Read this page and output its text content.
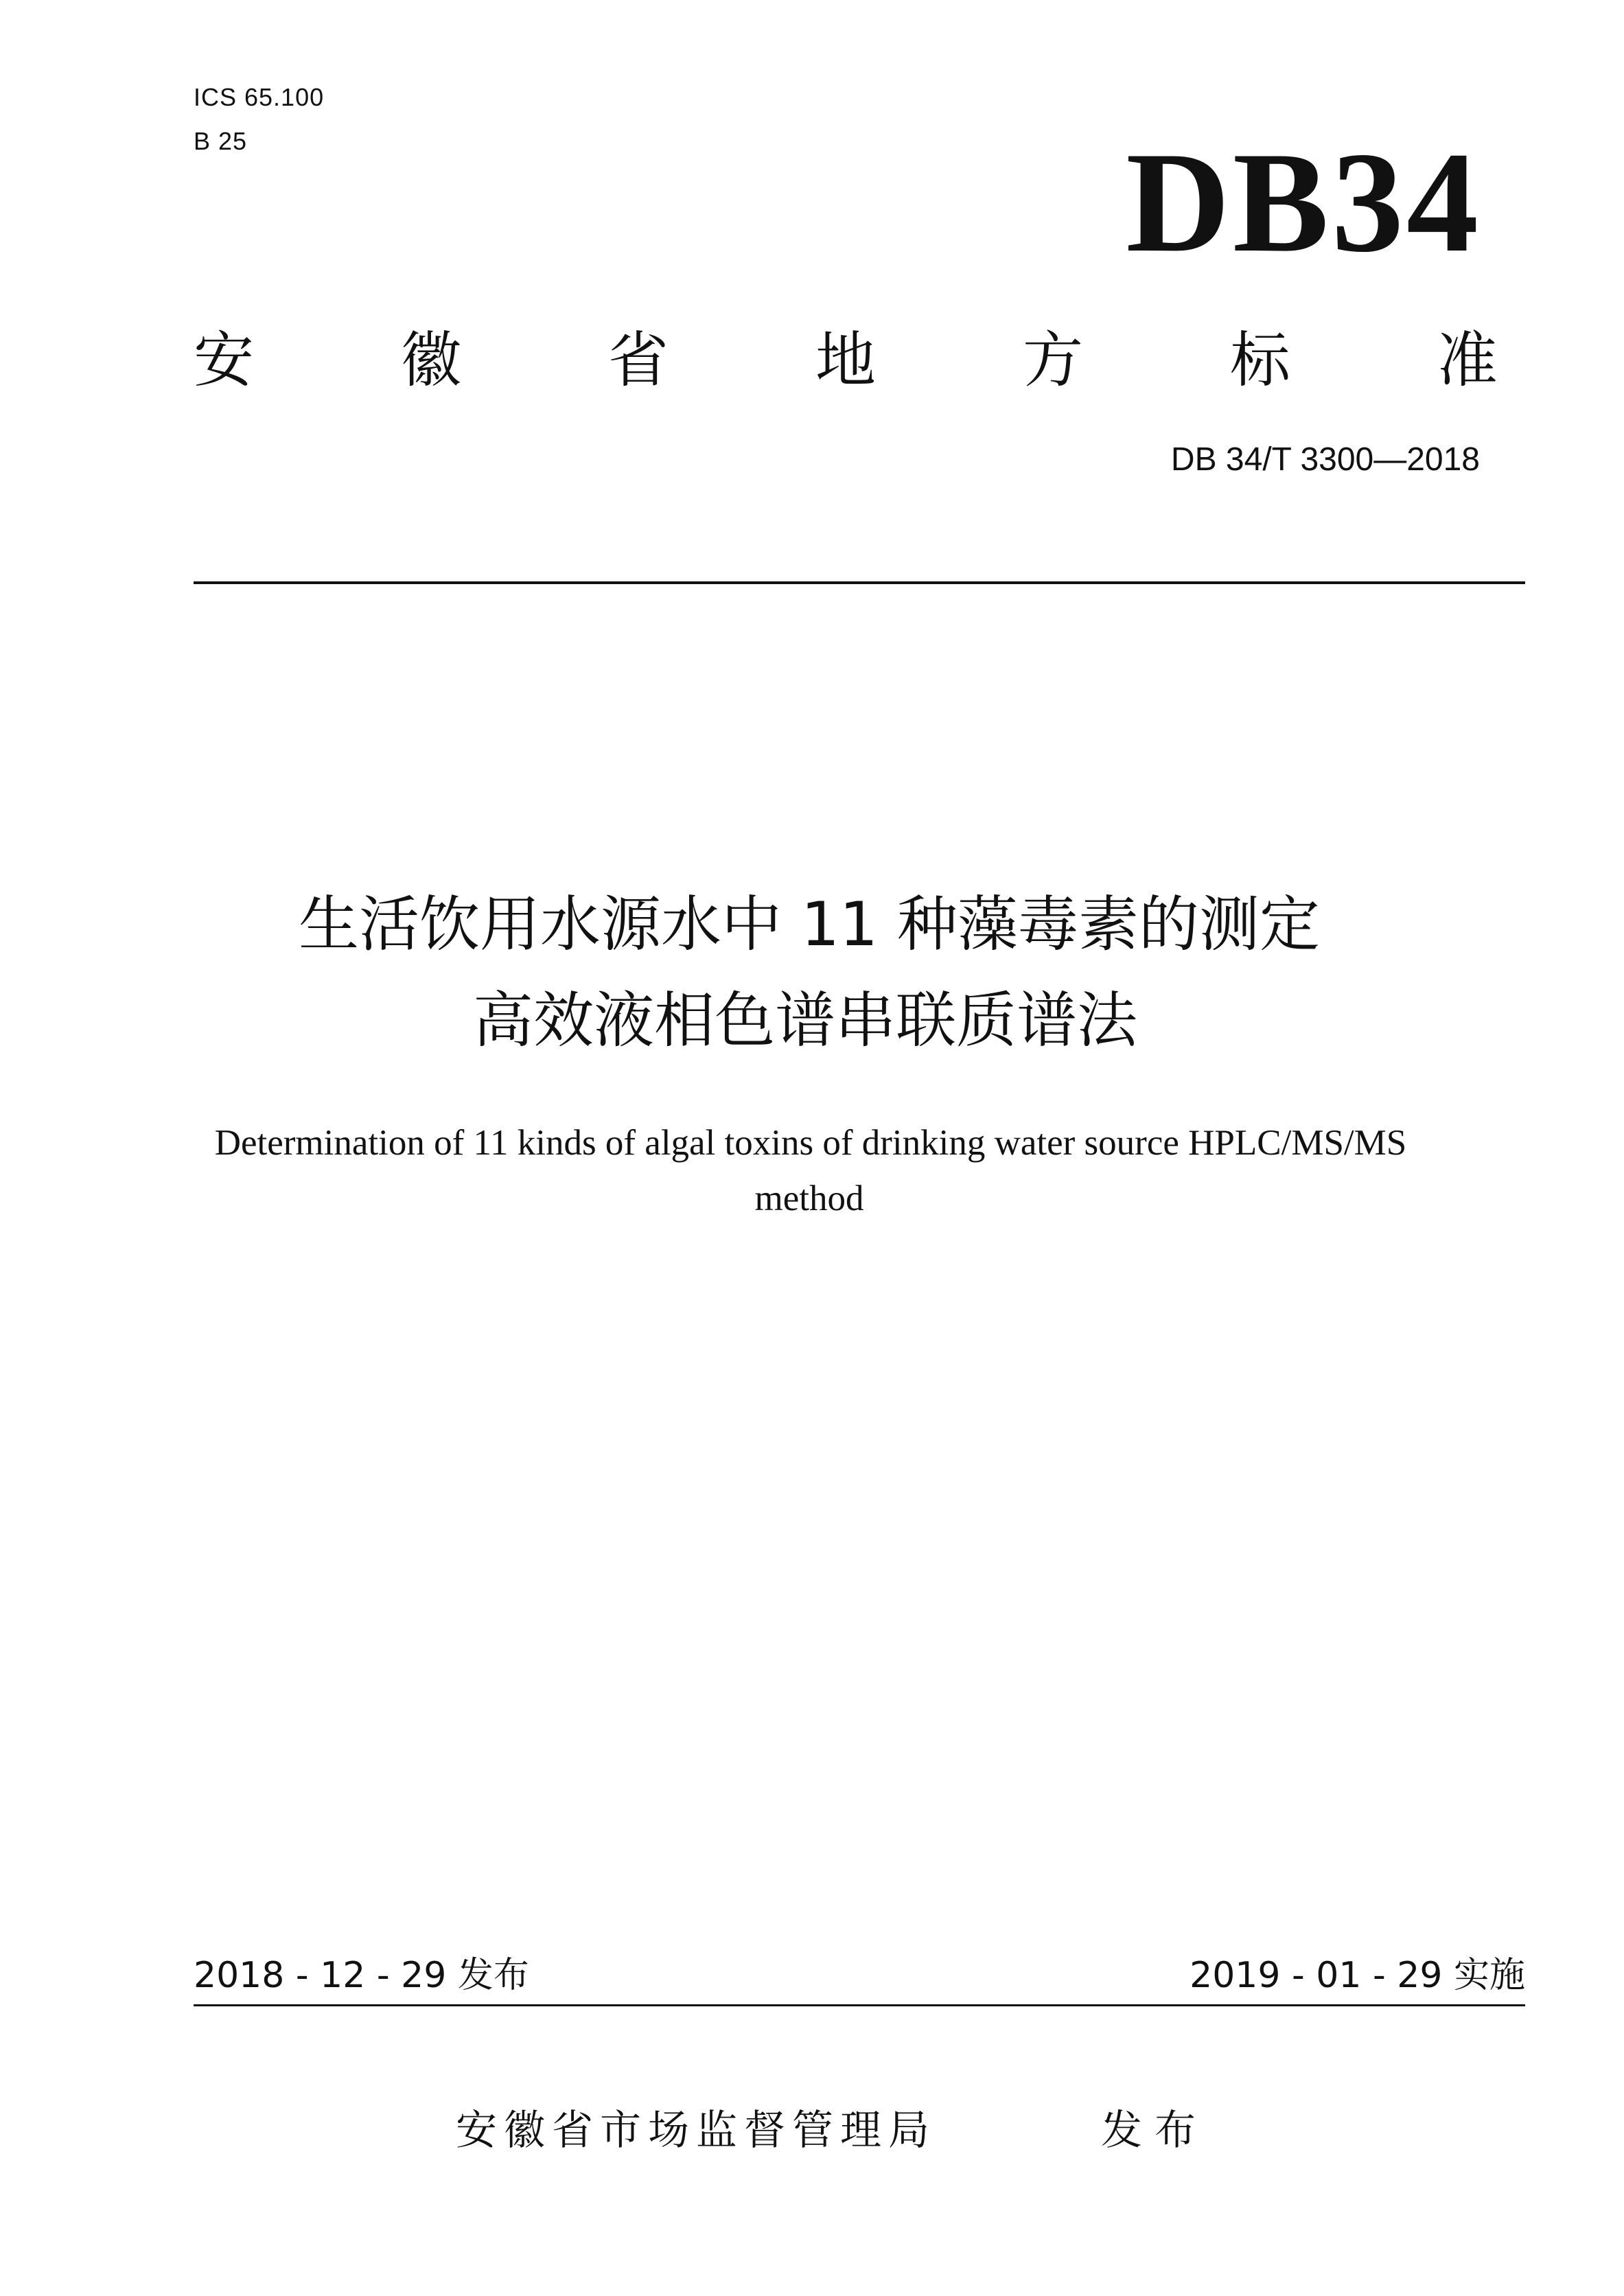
ICS 65.100
B 25	DB34
安 徽 省 地 方 标 准
DB 34/T 3300—2018
生活饮用水源水中 11 种藻毒素的测定
高效液相色谱串联质谱法
Determination of 11 kinds of algal toxins of drinking water source HPLC/MS/MS
method
2018 - 12 - 29 发布	2019 - 01 - 29 实施
安徽省市场监督管理局	发布
